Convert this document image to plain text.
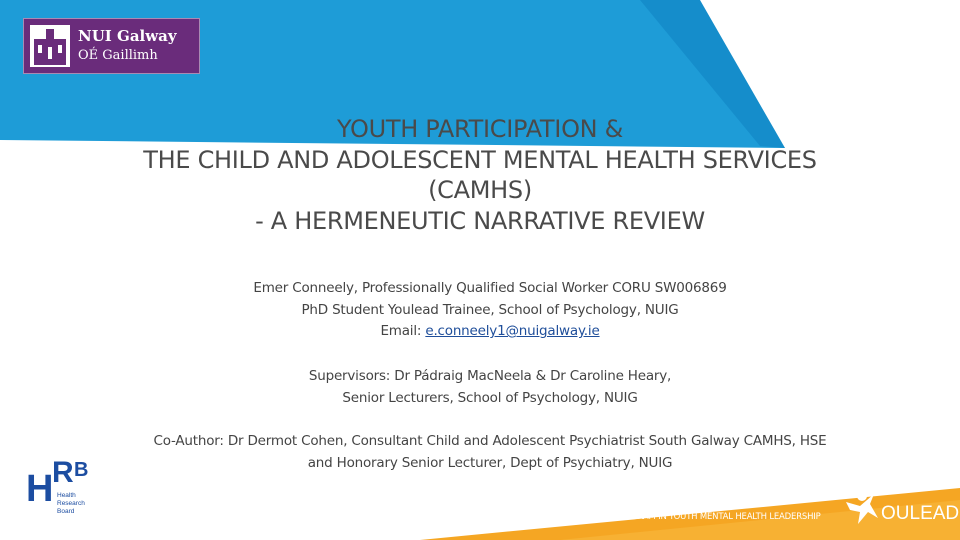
NUI Galway
OÉ Gaillimh
YOUTH PARTICIPATION &
THE CHILD AND ADOLESCENT MENTAL HEALTH SERVICES
(CAMHS)
- A HERMENEUTIC NARRATIVE REVIEW
Emer Conneely, Professionally Qualified Social Worker CORU SW006869
PhD Student Youlead Trainee, School of Psychology, NUIG
Email: e.conneely1@nuigalway.ie
Supervisors: Dr Pádraig MacNeela & Dr Caroline Heary,
Senior Lecturers, School of Psychology, NUIG
Co-Author: Dr Dermot Cohen, Consultant Child and Adolescent Psychiatrist South Galway CAMHS, HSE
and Honorary Senior Lecturer, Dept of Psychiatry, NUIG
H
R B
Health
Research
Board
DOCTORAL PROGRAM IN YOUTH MENTAL HEALTH LEADERSHIP	OULEAD
